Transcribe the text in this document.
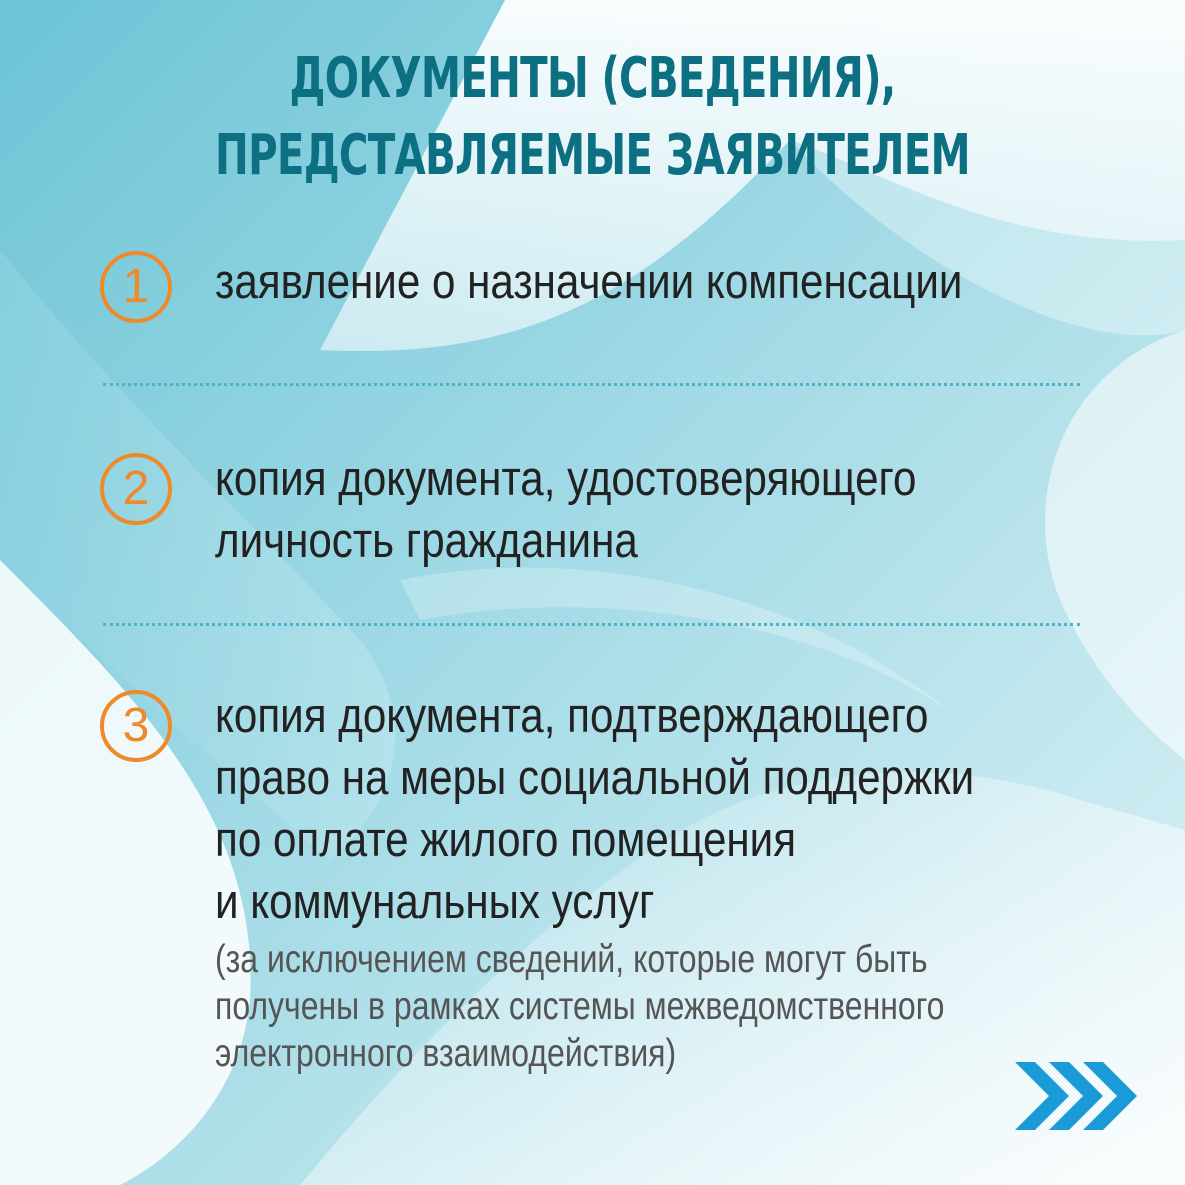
ДОКУМЕНТЫ (СВЕДЕНИЯ),
ПРЕДСТАВЛЯЕМЫЕ ЗАЯВИТЕЛЕМ
1	заявление о назначении компенсации
2	копия документа, удостоверяющего
личность гражданина
3	копия документа, подтверждающего
право на меры социальной поддержки
по оплате жилого помещения
и коммунальных услуг
(за исключением сведений, которые могут быть
получены в рамках системы межведомственного
электронного взаимодействия)
